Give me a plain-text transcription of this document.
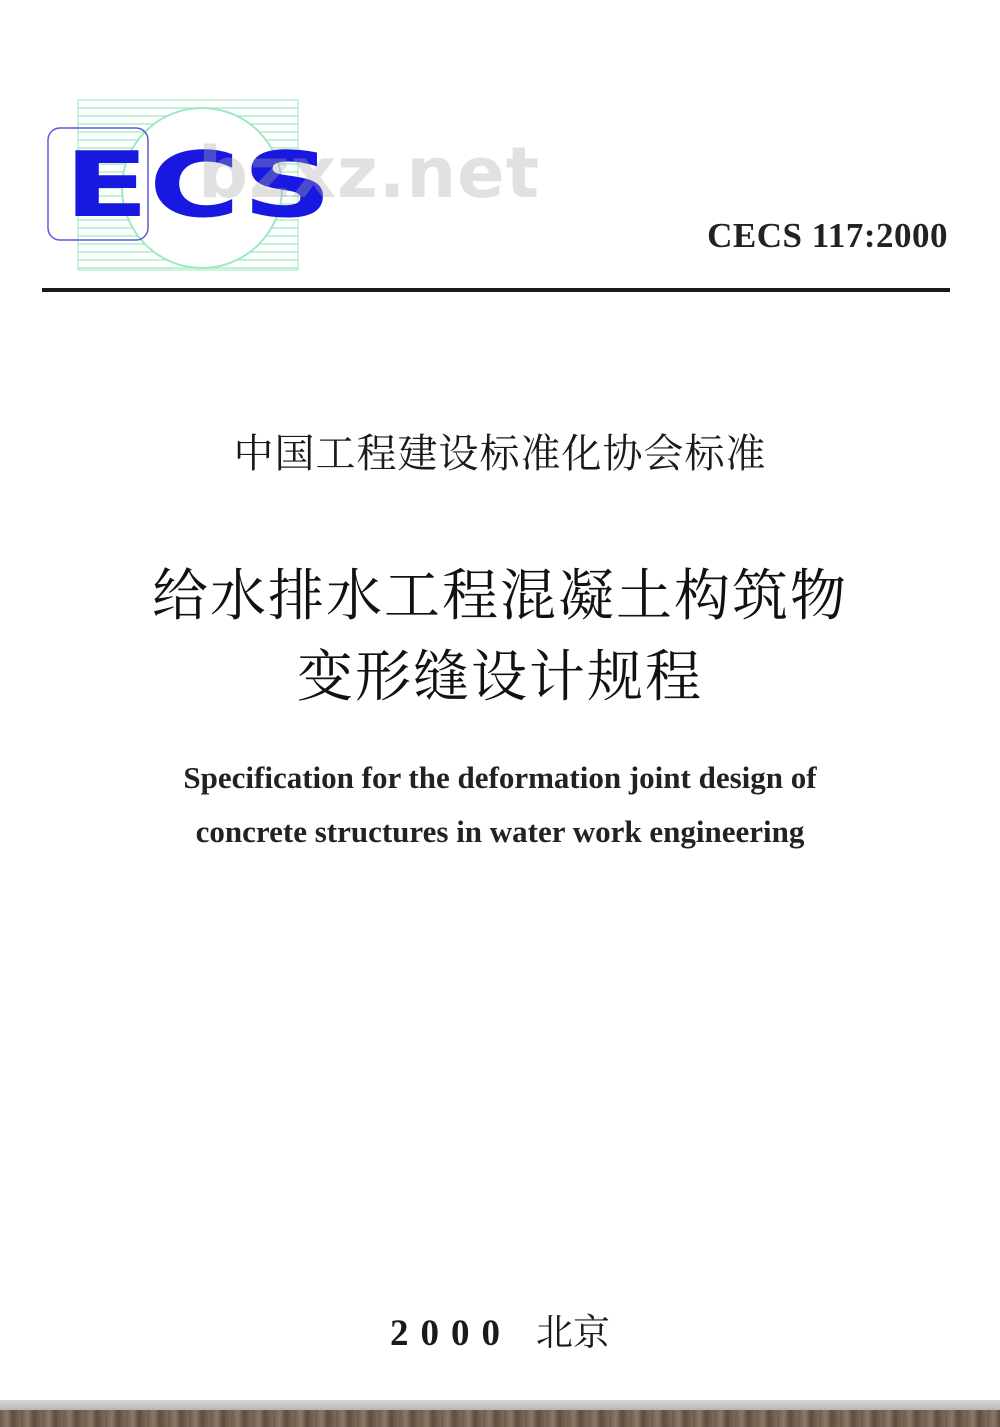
ECS
bzxz.net
CECS 117:2000
中国工程建设标准化协会标准
给水排水工程混凝土构筑物
变形缝设计规程
Specification for the deformation joint design of
concrete structures in water work engineering
2000 北京
